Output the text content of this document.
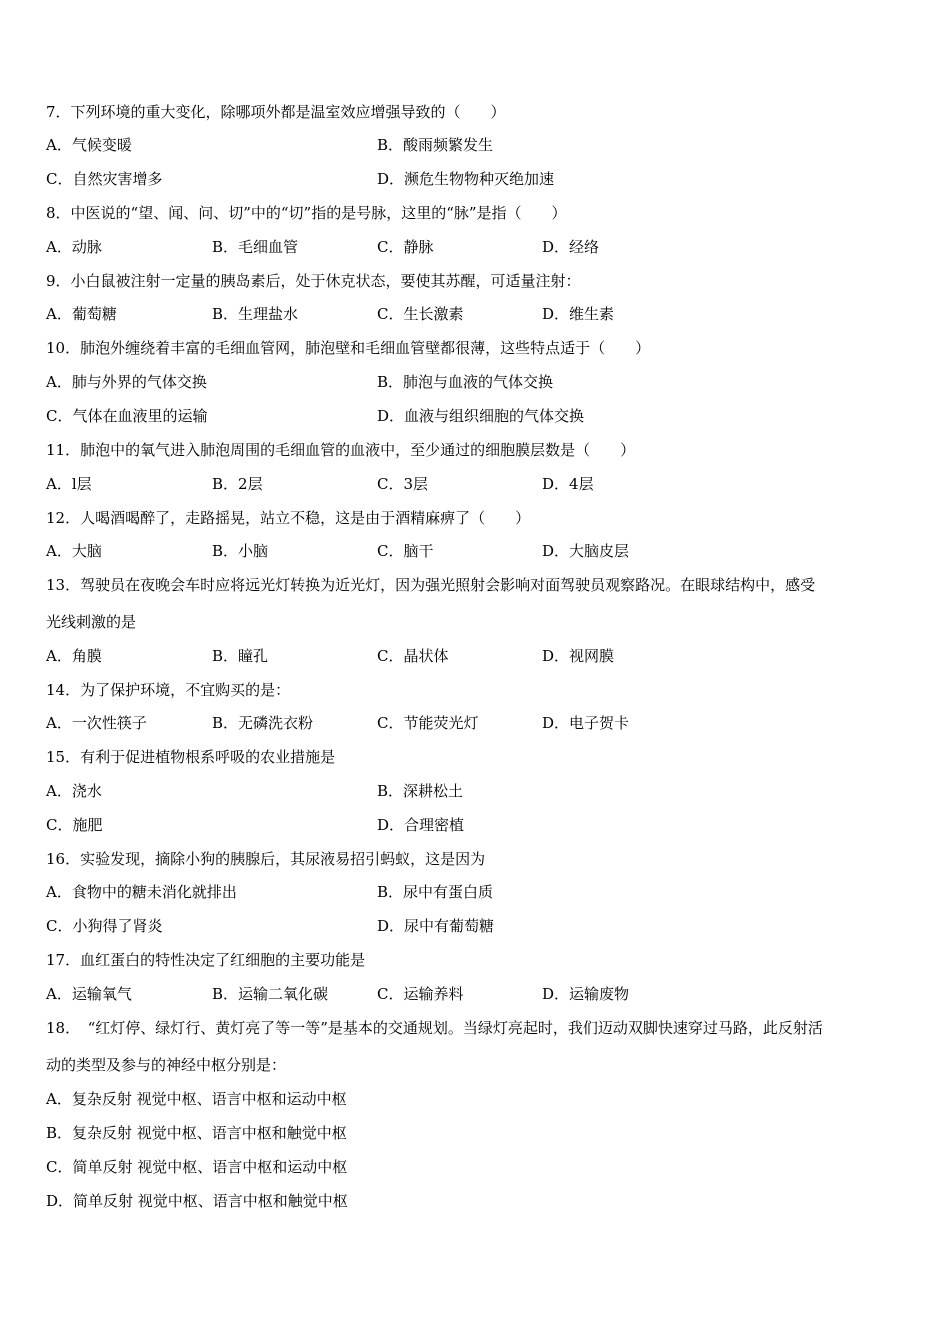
7．下列环境的重大变化，除哪项外都是温室效应增强导致的（　　）
A．气候变暖	B．酸雨频繁发生
C．自然灾害增多	D．濒危生物物种灭绝加速
8．中医说的“望、闻、问、切”中的“切”指的是号脉，这里的“脉”是指（　　）
A．动脉	B．毛细血管	C．静脉	D．经络
9．小白鼠被注射一定量的胰岛素后，处于休克状态，要使其苏醒，可适量注射：
A．葡萄糖	B．生理盐水	C．生长激素	D．维生素
10．肺泡外缠绕着丰富的毛细血管网，肺泡壁和毛细血管壁都很薄，这些特点适于（　　）
A．肺与外界的气体交换	B．肺泡与血液的气体交换
C．气体在血液里的运输	D．血液与组织细胞的气体交换
11．肺泡中的氧气进入肺泡周围的毛细血管的血液中，至少通过的细胞膜层数是（　　）
A．l层	B．2层	C．3层	D．4层
12．人喝酒喝醉了，走路摇晃，站立不稳，这是由于酒精麻痹了（　　）
A．大脑	B．小脑	C．脑干	D．大脑皮层
13．驾驶员在夜晚会车时应将远光灯转换为近光灯，因为强光照射会影响对面驾驶员观察路况。在眼球结构中，感受
光线刺激的是
A．角膜	B．瞳孔	C．晶状体	D．视网膜
14．为了保护环境，不宜购买的是：
A．一次性筷子	B．无磷洗衣粉	C．节能荧光灯	D．电子贺卡
15．有利于促进植物根系呼吸的农业措施是
A．浇水	B．深耕松土
C．施肥	D．合理密植
16．实验发现，摘除小狗的胰腺后，其尿液易招引蚂蚁，这是因为
A．食物中的糖未消化就排出	B．尿中有蛋白质
C．小狗得了肾炎	D．尿中有葡萄糖
17．血红蛋白的特性决定了红细胞的主要功能是
A．运输氧气	B．运输二氧化碳	C．运输养料	D．运输废物
18．　“红灯停、绿灯行、黄灯亮了等一等”是基本的交通规划。当绿灯亮起时，我们迈动双脚快速穿过马路，此反射活
动的类型及参与的神经中枢分别是：
A．复杂反射 视觉中枢、语言中枢和运动中枢
B．复杂反射 视觉中枢、语言中枢和触觉中枢
C．简单反射 视觉中枢、语言中枢和运动中枢
D．简单反射 视觉中枢、语言中枢和触觉中枢
